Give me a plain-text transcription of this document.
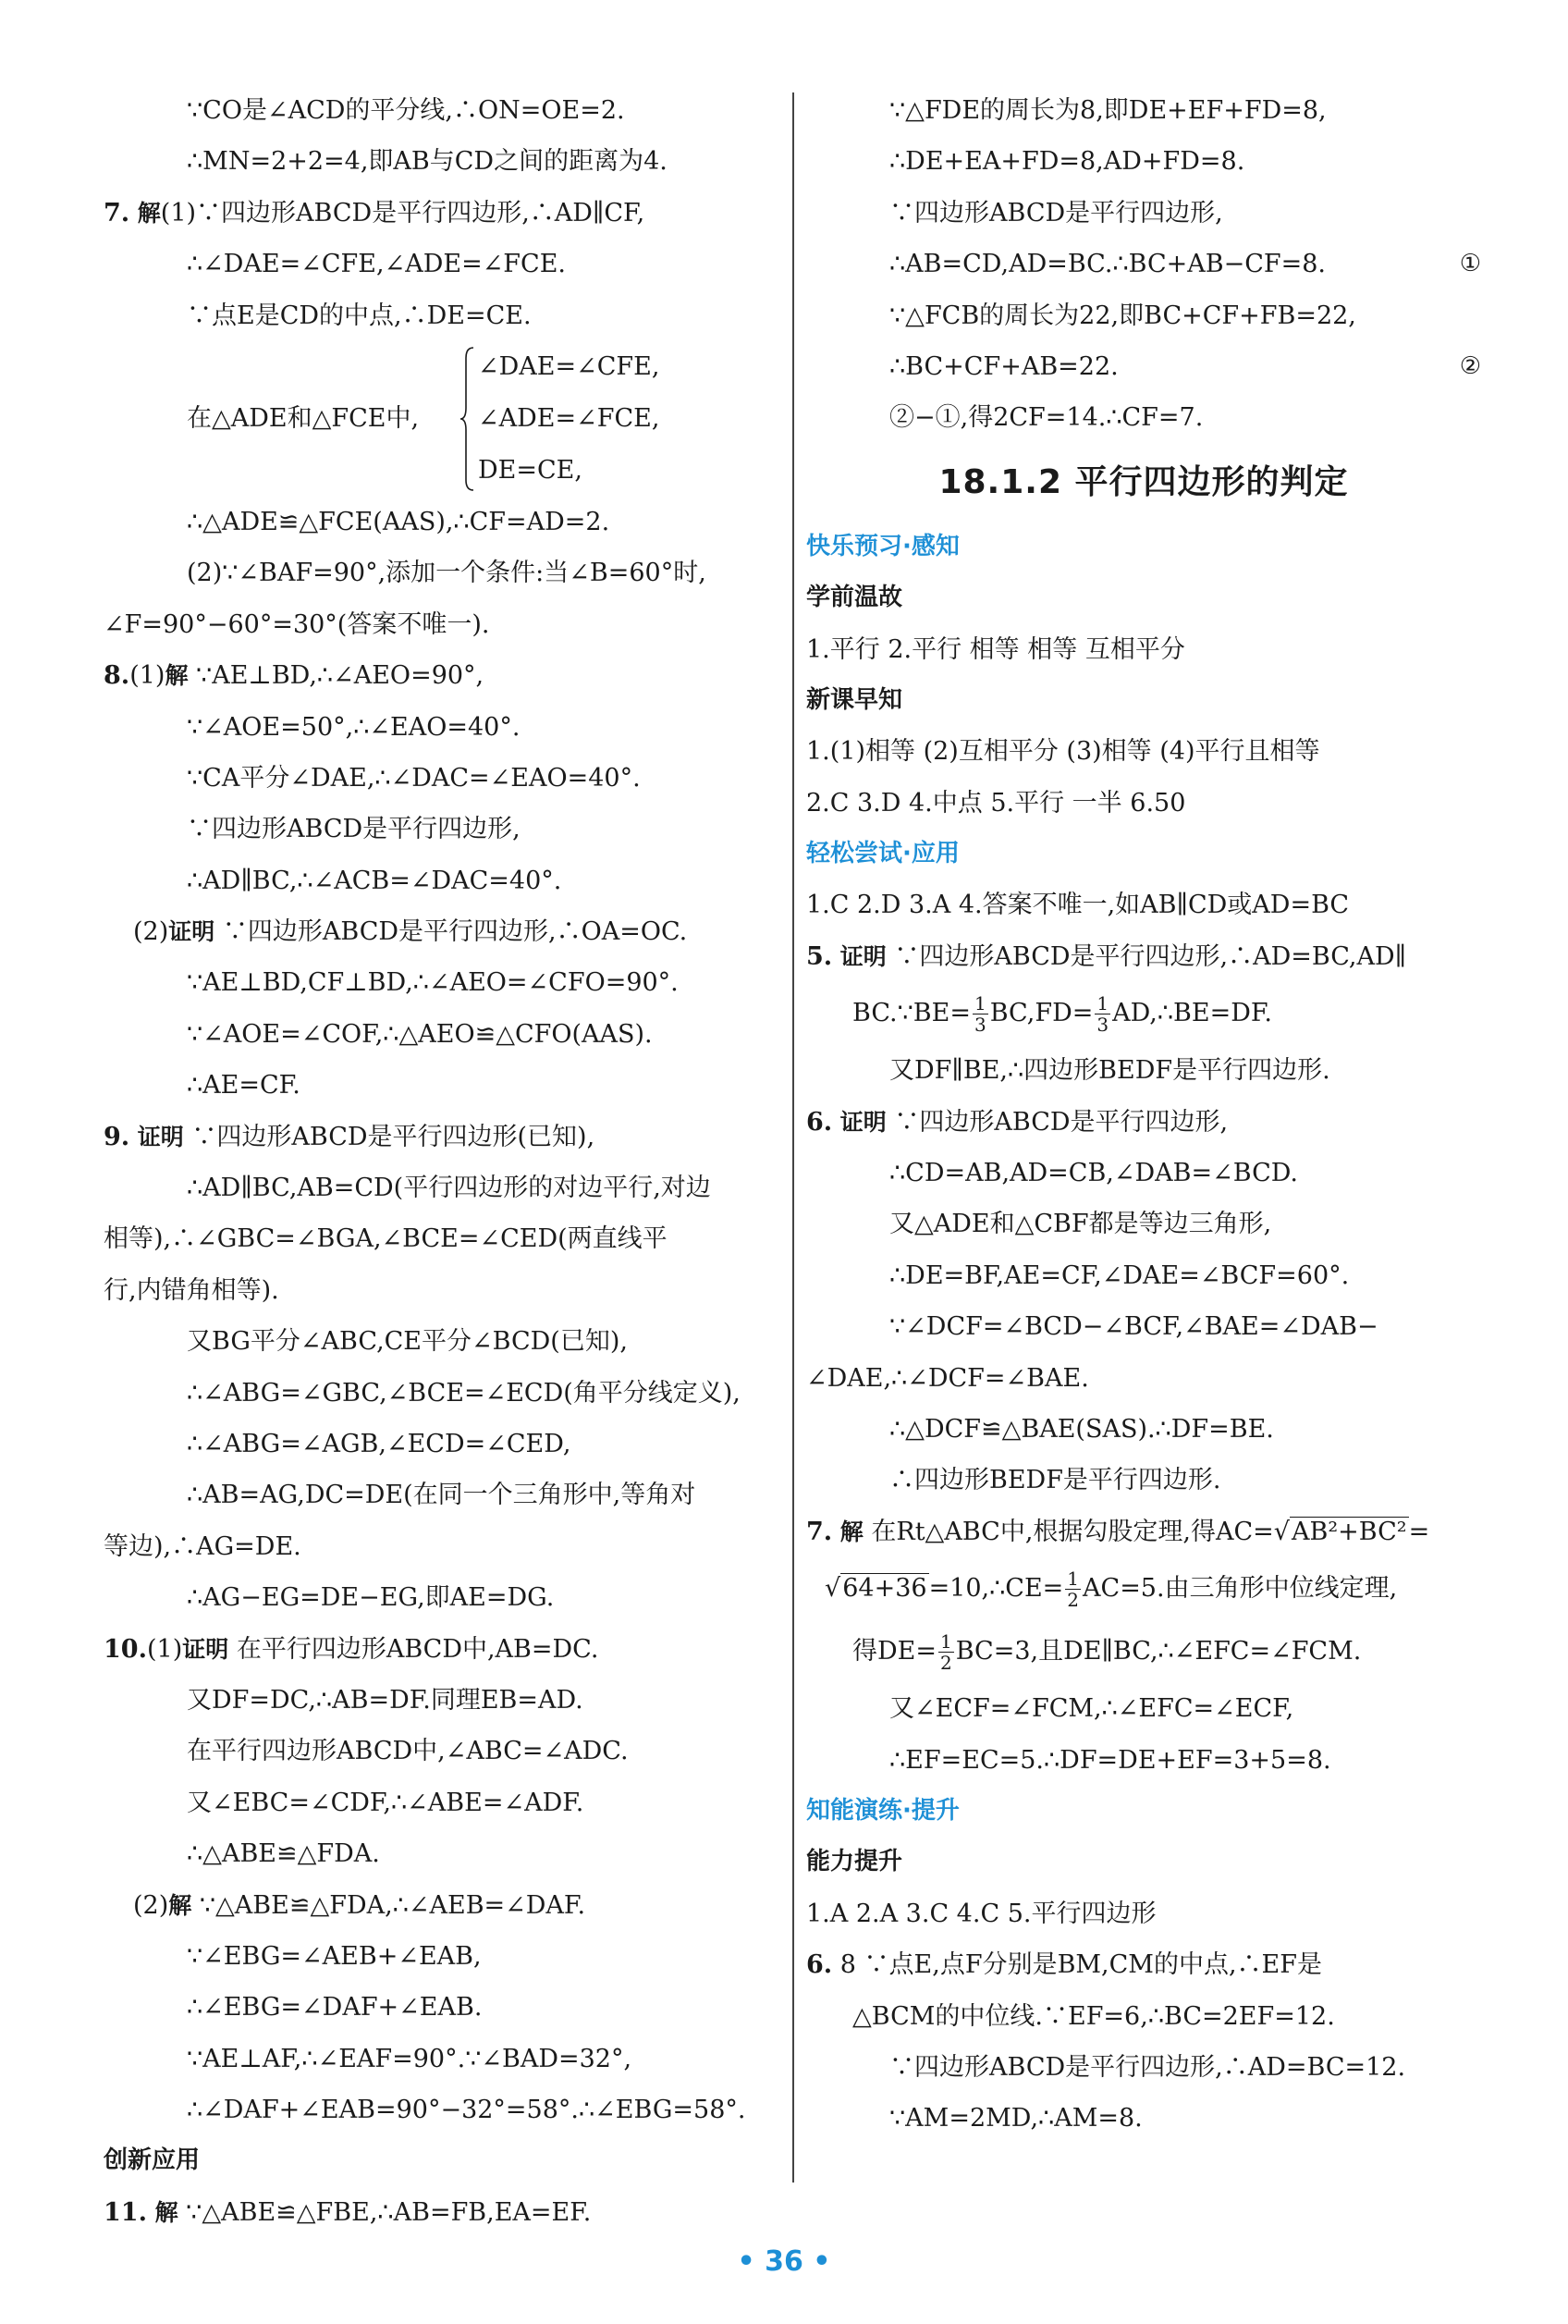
∵CO是∠ACD的平分线,∴ON=OE=2.
∴MN=2+2=4,即AB与CD之间的距离为4.
7. 解(1)∵四边形ABCD是平行四边形,∴AD∥CF,
∴∠DAE=∠CFE,∠ADE=∠FCE.
∵点E是CD的中点,∴DE=CE.
在△ADE和△FCE中,
∠DAE=∠CFE,
∠ADE=∠FCE,
DE=CE,
∴△ADE≌△FCE(AAS),∴CF=AD=2.
(2)∵∠BAF=90°,添加一个条件:当∠B=60°时,
∠F=90°−60°=30°(答案不唯一).
8.(1)解 ∵AE⊥BD,∴∠AEO=90°,
∵∠AOE=50°,∴∠EAO=40°.
∵CA平分∠DAE,∴∠DAC=∠EAO=40°.
∵四边形ABCD是平行四边形,
∴AD∥BC,∴∠ACB=∠DAC=40°.
(2)证明 ∵四边形ABCD是平行四边形,∴OA=OC.
∵AE⊥BD,CF⊥BD,∴∠AEO=∠CFO=90°.
∵∠AOE=∠COF,∴△AEO≌△CFO(AAS).
∴AE=CF.
9. 证明 ∵四边形ABCD是平行四边形(已知),
∴AD∥BC,AB=CD(平行四边形的对边平行,对边
相等),∴∠GBC=∠BGA,∠BCE=∠CED(两直线平
行,内错角相等).
又BG平分∠ABC,CE平分∠BCD(已知),
∴∠ABG=∠GBC,∠BCE=∠ECD(角平分线定义),
∴∠ABG=∠AGB,∠ECD=∠CED,
∴AB=AG,DC=DE(在同一个三角形中,等角对
等边),∴AG=DE.
∴AG−EG=DE−EG,即AE=DG.
10.(1)证明 在平行四边形ABCD中,AB=DC.
又DF=DC,∴AB=DF.同理EB=AD.
在平行四边形ABCD中,∠ABC=∠ADC.
又∠EBC=∠CDF,∴∠ABE=∠ADF.
∴△ABE≌△FDA.
(2)解 ∵△ABE≌△FDA,∴∠AEB=∠DAF.
∵∠EBG=∠AEB+∠EAB,
∴∠EBG=∠DAF+∠EAB.
∵AE⊥AF,∴∠EAF=90°.∵∠BAD=32°,
∴∠DAF+∠EAB=90°−32°=58°.∴∠EBG=58°.
创新应用
11. 解 ∵△ABE≌△FBE,∴AB=FB,EA=EF.
∵△FDE的周长为8,即DE+EF+FD=8,
∴DE+EA+FD=8,AD+FD=8.
∵四边形ABCD是平行四边形,
∴AB=CD,AD=BC.∴BC+AB−CF=8.	①
∵△FCB的周长为22,即BC+CF+FB=22,
∴BC+CF+AB=22.	②
②−①,得2CF=14.∴CF=7.
18.1.2 平行四边形的判定
快乐预习·感知
学前温故
1.平行 2.平行 相等 相等 互相平分
新课早知
1.(1)相等 (2)互相平分 (3)相等 (4)平行且相等
2.C 3.D 4.中点 5.平行 一半 6.50
轻松尝试·应用
1.C 2.D 3.A 4.答案不唯一,如AB∥CD或AD=BC
5. 证明 ∵四边形ABCD是平行四边形,∴AD=BC,AD∥
BC.∵BE= $\frac{1}{3} BC,FD= \frac{1}{3}$ AD,∴BE=DF.
又DF∥BE,∴四边形BEDF是平行四边形.
6. 证明 ∵四边形ABCD是平行四边形,
∴CD=AB,AD=CB,∠DAB=∠BCD.
又△ADE和△CBF都是等边三角形,
∴DE=BF,AE=CF,∠DAE=∠BCF=60°.
∵∠DCF=∠BCD−∠BCF,∠BAE=∠DAB−
∠DAE,∴∠DCF=∠BAE.
∴△DCF≌△BAE(SAS).∴DF=BE.
∴四边形BEDF是平行四边形.
7. 解 在Rt△ABC中,根据勾股定理,得AC=√AB²+BC²=
√64+36=10,∴CE= $\frac{1}{2} AC=5$.由三角形中位线定理,
得$DE= \frac{1}{2} BC=3$,且DE∥BC,∴∠EFC=∠FCM.
又∠ECF=∠FCM,∴∠EFC=∠ECF,
∴EF=EC=5.∴DF=DE+EF=3+5=8.
知能演练·提升
能力提升
1.A 2.A 3.C 4.C 5.平行四边形
6. 8 ∵点E,点F分别是BM,CM的中点,∴EF是
△BCM的中位线.∵EF=6,∴BC=2EF=12.
∵四边形ABCD是平行四边形,∴AD=BC=12.
∵AM=2MD,∴AM=8.
• 36 •
